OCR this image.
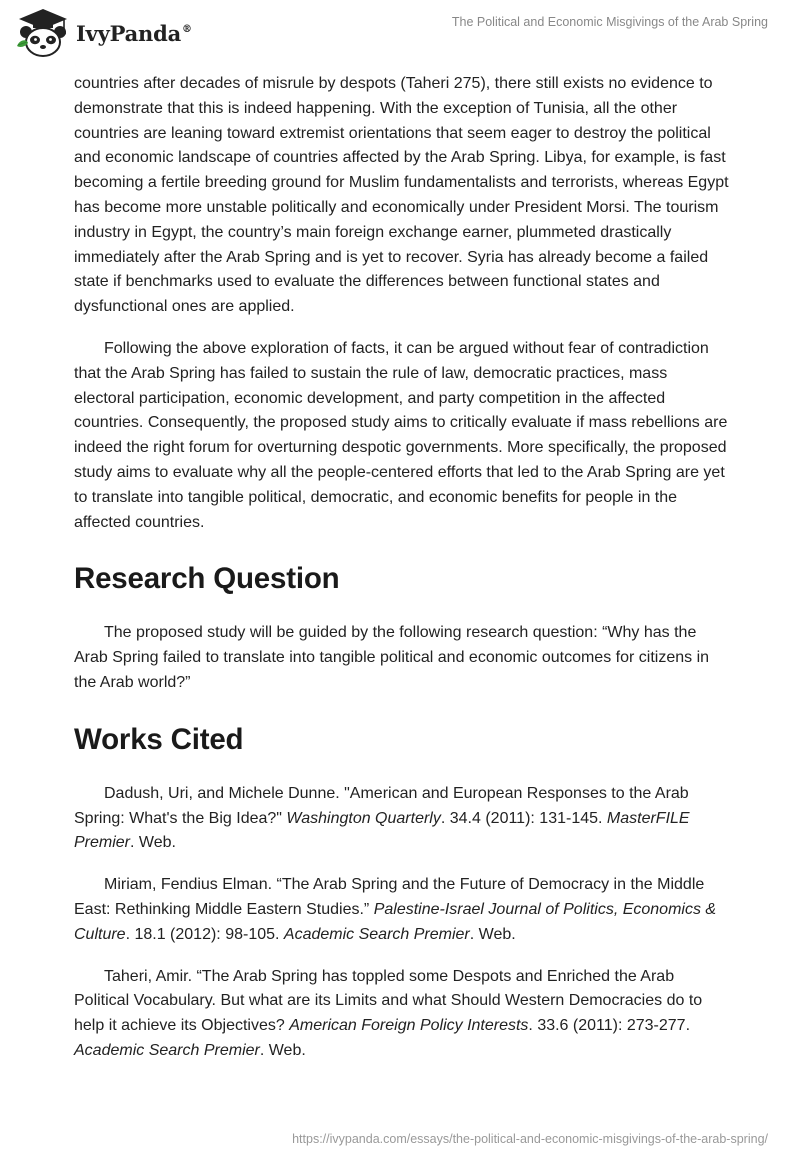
IvyPanda®	The Political and Economic Misgivings of the Arab Spring

countries after decades of misrule by despots (Taheri 275), there still exists no evidence to demonstrate that this is indeed happening. With the exception of Tunisia, all the other countries are leaning toward extremist orientations that seem eager to destroy the political and economic landscape of countries affected by the Arab Spring. Libya, for example, is fast becoming a fertile breeding ground for Muslim fundamentalists and terrorists, whereas Egypt has become more unstable politically and economically under President Morsi. The tourism industry in Egypt, the country’s main foreign exchange earner, plummeted drastically immediately after the Arab Spring and is yet to recover. Syria has already become a failed state if benchmarks used to evaluate the differences between functional states and dysfunctional ones are applied.

Following the above exploration of facts, it can be argued without fear of contradiction that the Arab Spring has failed to sustain the rule of law, democratic practices, mass electoral participation, economic development, and party competition in the affected countries. Consequently, the proposed study aims to critically evaluate if mass rebellions are indeed the right forum for overturning despotic governments. More specifically, the proposed study aims to evaluate why all the people-centered efforts that led to the Arab Spring are yet to translate into tangible political, democratic, and economic benefits for people in the affected countries.

Research Question

The proposed study will be guided by the following research question: “Why has the Arab Spring failed to translate into tangible political and economic outcomes for citizens in the Arab world?”

Works Cited

Dadush, Uri, and Michele Dunne. "American and European Responses to the Arab Spring: What's the Big Idea?" Washington Quarterly. 34.4 (2011): 131-145. MasterFILE Premier. Web.

Miriam, Fendius Elman. “The Arab Spring and the Future of Democracy in the Middle East: Rethinking Middle Eastern Studies.” Palestine-Israel Journal of Politics, Economics & Culture. 18.1 (2012): 98-105. Academic Search Premier. Web.

Taheri, Amir. “The Arab Spring has toppled some Despots and Enriched the Arab Political Vocabulary. But what are its Limits and what Should Western Democracies do to help it achieve its Objectives? American Foreign Policy Interests. 33.6 (2011): 273-277. Academic Search Premier. Web.

https://ivypanda.com/essays/the-political-and-economic-misgivings-of-the-arab-spring/
